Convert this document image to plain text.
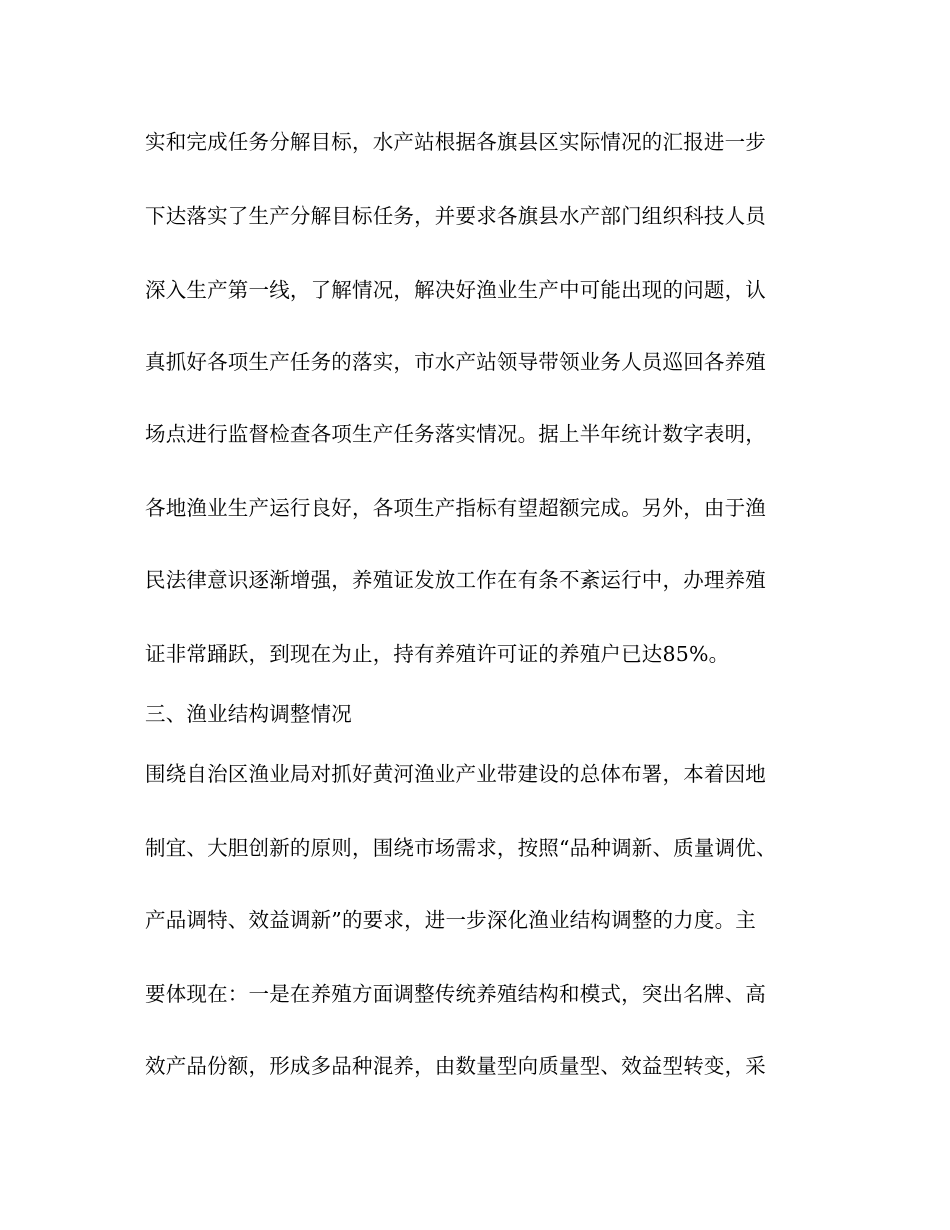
实和完成任务分解目标，水产站根据各旗县区实际情况的汇报进一步
下达落实了生产分解目标任务，并要求各旗县水产部门组织科技人员
深入生产第一线，了解情况，解决好渔业生产中可能出现的问题，认
真抓好各项生产任务的落实，市水产站领导带领业务人员巡回各养殖
场点进行监督检查各项生产任务落实情况。据上半年统计数字表明，
各地渔业生产运行良好，各项生产指标有望超额完成。另外，由于渔
民法律意识逐渐增强，养殖证发放工作在有条不紊运行中，办理养殖
证非常踊跃，到现在为止，持有养殖许可证的养殖户已达85%。
三、渔业结构调整情况
围绕自治区渔业局对抓好黄河渔业产业带建设的总体布署，本着因地
制宜、大胆创新的原则，围绕市场需求，按照“品种调新、质量调优、
产品调特、效益调新”的要求，进一步深化渔业结构调整的力度。主
要体现在：一是在养殖方面调整传统养殖结构和模式，突出名牌、高
效产品份额，形成多品种混养，由数量型向质量型、效益型转变，采
